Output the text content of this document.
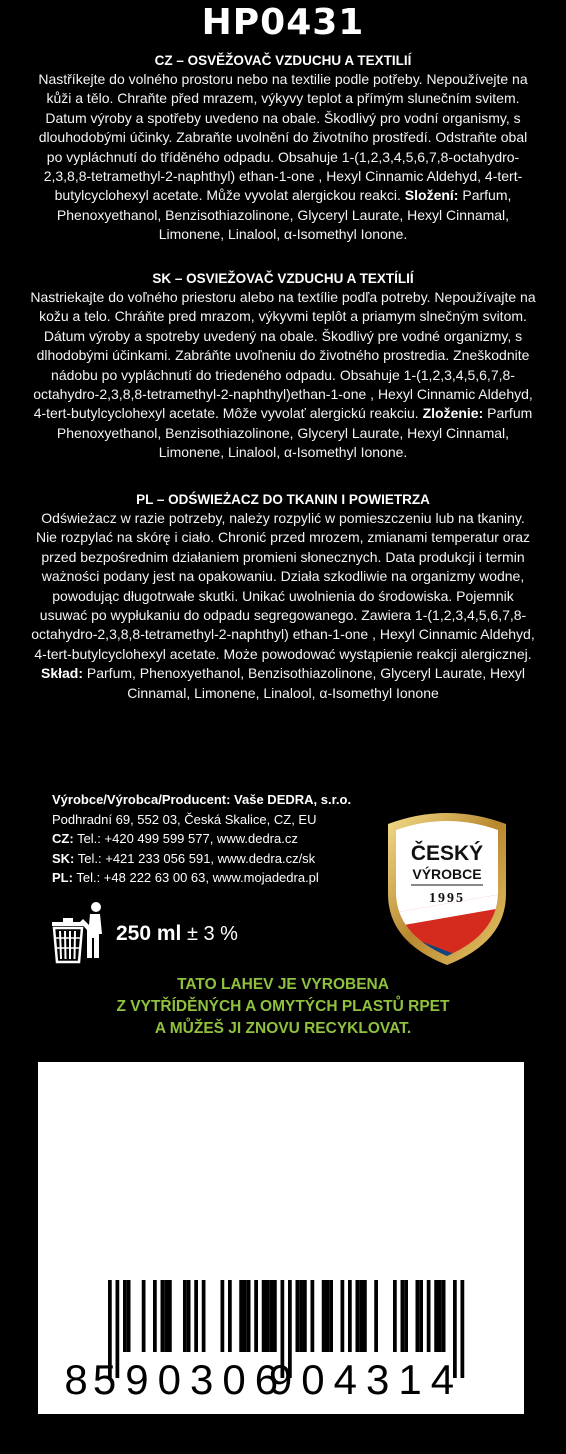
HP0431
CZ – OSVĚŽOVAČ VZDUCHU A TEXTILIÍ

Nastříkejte do volného prostoru nebo na textilie podle potřeby. Nepoužívejte na kůži a tělo. Chraňte před mrazem, výkyvy teplot a přímým slunečním svitem. Datum výroby a spotřeby uvedeno na obale. Škodlivý pro vodní organismy, s dlouhodobými účinky. Zabraňte uvolnění do životního prostředí. Odstraňte obal po vypláchnutí do tříděného odpadu. Obsahuje 1-(1,2,3,4,5,6,7,8-octahydro-2,3,8,8-tetramethyl-2-naphthyl) ethan-1-one , Hexyl Cinnamic Aldehyd, 4-tert-butylcyclohexyl acetate. Může vyvolat alergickou reakci. Složení: Parfum, Phenoxyethanol, Benzisothiazolinone, Glyceryl Laurate, Hexyl Cinnamal, Limonene, Linalool, α-Isomethyl Ionone.

SK – OSVIEŽOVAČ VZDUCHU A TEXTÍLIÍ

Nastriekajte do voľného priestoru alebo na textílie podľa potreby. Nepoužívajte na kožu a telo. Chráňte pred mrazom, výkyvmi teplôt a priamym slnečným svitom. Dátum výroby a spotreby uvedený na obale. Škodlivý pre vodné organizmy, s dlhodobými účinkami. Zabráňte uvoľneniu do životného prostredia. Zneškodnite nádobu po vypláchnutí do triedeného odpadu. Obsahuje 1-(1,2,3,4,5,6,7,8-octahydro-2,3,8,8-tetramethyl-2-naphthyl)ethan-1-one , Hexyl Cinnamic Aldehyd, 4-tert-butylcyclohexyl acetate. Môže vyvolať alergickú reakciu. Zloženie: Parfum Phenoxyethanol, Benzisothiazolinone, Glyceryl Laurate, Hexyl Cinnamal, Limonene, Linalool, α-Isomethyl Ionone.

PL – ODŚWIEŻACZ DO TKANIN I POWIETRZA

Odświeżacz w razie potrzeby, należy rozpylić w pomieszczeniu lub na tkaniny. Nie rozpylać na skórę i ciało. Chronić przed mrozem, zmianami temperatur oraz przed bezpośrednim działaniem promieni słonecznych. Data produkcji i termin ważności podany jest na opakowaniu. Działa szkodliwie na organizmy wodne, powodując długotrwałe skutki. Unikać uwolnienia do środowiska. Pojemnik usuwać po wypłukaniu do odpadu segregowanego. Zawiera 1-(1,2,3,4,5,6,7,8-octahydro-2,3,8,8-tetramethyl-2-naphthyl) ethan-1-one , Hexyl Cinnamic Aldehyd, 4-tert-butylcyclohexyl acetate. Może powodować wystąpienie reakcji alergicznej. Skład: Parfum, Phenoxyethanol, Benzisothiazolinone, Glyceryl Laurate, Hexyl Cinnamal, Limonene, Linalool, α-Isomethyl Ionone

Výrobce/Výrobca/Producent: Vaše DEDRA, s.r.o.
Podhradní 69, 552 03, Česká Skalice, CZ, EU
CZ: Tel.: +420 499 599 577, www.dedra.cz
SK: Tel.: +421 233 056 591, www.dedra.cz/sk
PL: Tel.: +48 222 63 00 63, www.mojadedra.pl
250 ml ± 3 %
ČESKÝ
VÝROBCE
1995
TATO LAHEV JE VYROBENA
Z VYTŘÍDĚNÝCH A OMYTÝCH PLASTŮ RPET
A MŮŽEŠ JI ZNOVU RECYKLOVAT.
8 590306
904314
